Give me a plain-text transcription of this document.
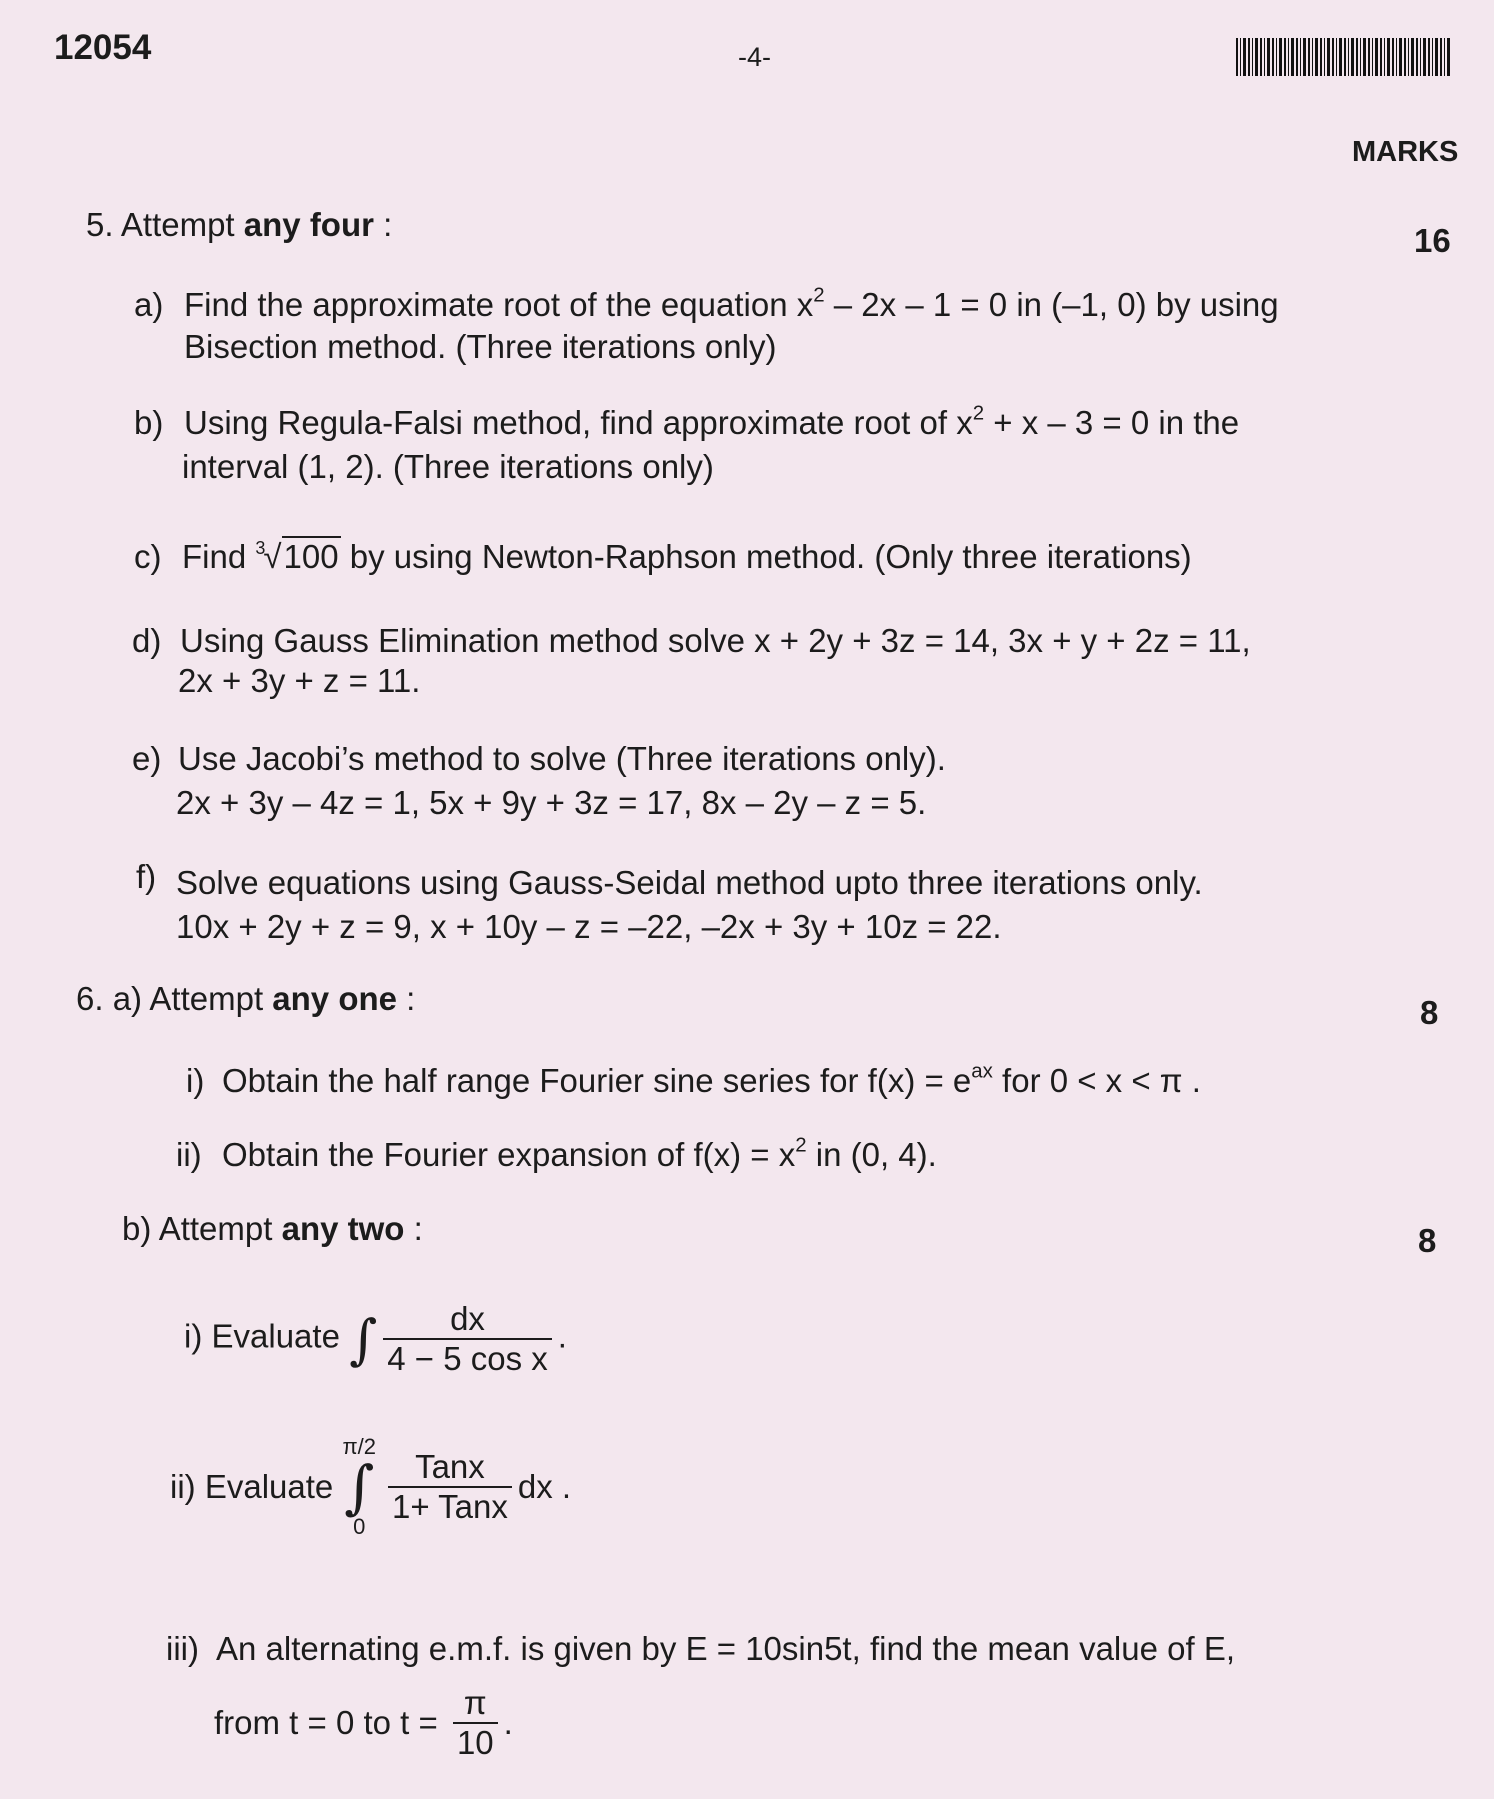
12054	-4-
MARKS
5. Attempt any four :	16
a) Find the approximate root of the equation $x^2 - 2x - 1 = 0$ in (–1, 0) by using
Bisection method. (Three iterations only)
b) Using Regula-Falsi method, find approximate root of $x^2 + x - 3 = 0$ in the
interval (1, 2). (Three iterations only)
c) Find $^3$√100 by using Newton-Raphson method. (Only three iterations)
d) Using Gauss Elimination method solve x + 2y + 3z = 14, 3x + y + 2z = 11,
2x + 3y + z = 11.
e) Use Jacobi’s method to solve (Three iterations only).
2x + 3y – 4z = 1, 5x + 9y + 3z = 17, 8x – 2y – z = 5.
f) Solve equations using Gauss-Seidal method upto three iterations only.
10x + 2y + z = 9, x + 10y – z = –22, –2x + 3y + 10z = 22.
6. a) Attempt any one :	8
i) Obtain the half range Fourier sine series for $f(x) = e^{ax}$ for 0 < x < π .
ii) Obtain the Fourier expansion of $f(x) = x^2$ in (0, 4).
b) Attempt any two :	8
i) Evaluate ∫ $\frac{dx}{\text{4 − 5 cos x}}$ .
ii) Evaluate
π/2
∫
0
$\frac{\text{Tanx}}{\text{1+ Tanx}}$ dx .
iii) An alternating e.m.f. is given by E = 10sin5t, find the mean value of E,
from t = 0 to $t = \frac{\pi}{10}$ .
